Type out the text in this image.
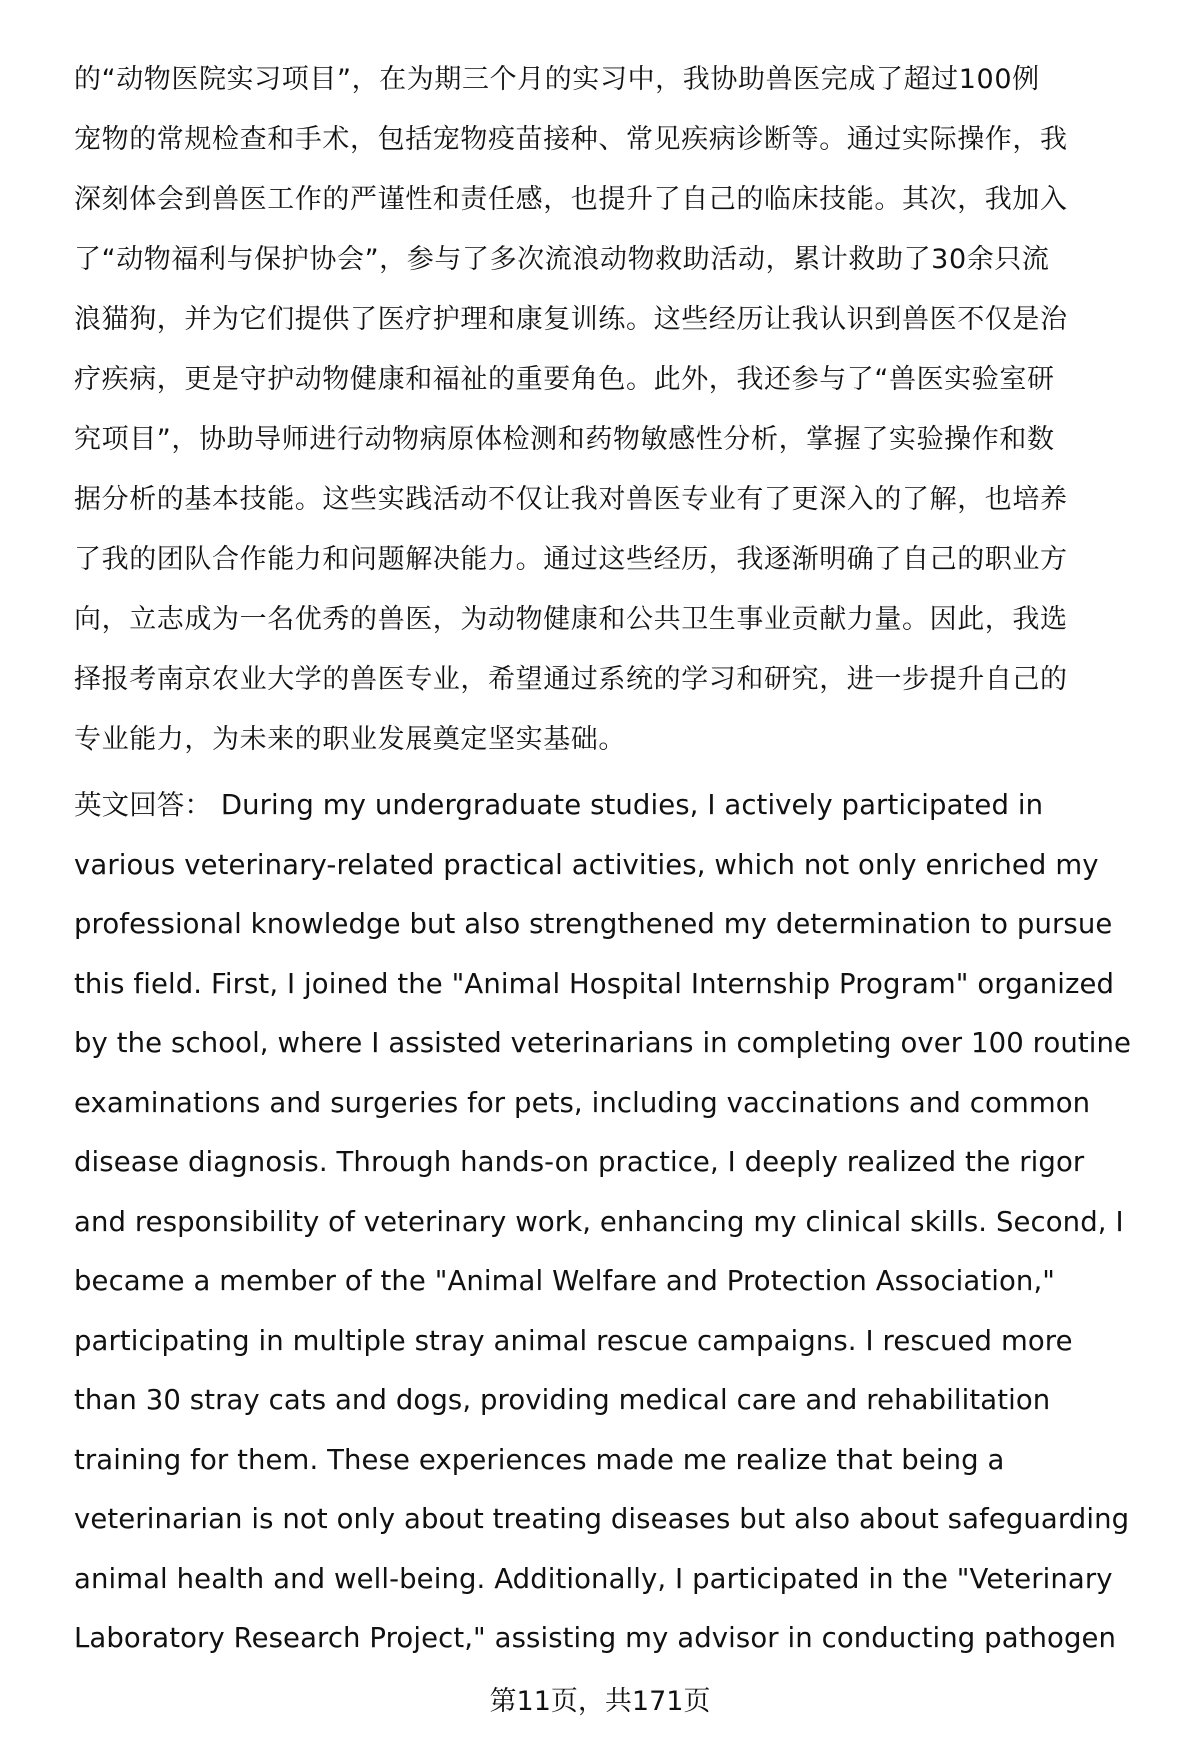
的“动物医院实习项目”，在为期三个月的实习中，我协助兽医完成了超过100例
宠物的常规检查和手术，包括宠物疫苗接种、常见疾病诊断等。通过实际操作，我
深刻体会到兽医工作的严谨性和责任感，也提升了自己的临床技能。其次，我加入
了“动物福利与保护协会”，参与了多次流浪动物救助活动，累计救助了30余只流
浪猫狗，并为它们提供了医疗护理和康复训练。这些经历让我认识到兽医不仅是治
疗疾病，更是守护动物健康和福祉的重要角色。此外，我还参与了“兽医实验室研
究项目”，协助导师进行动物病原体检测和药物敏感性分析，掌握了实验操作和数
据分析的基本技能。这些实践活动不仅让我对兽医专业有了更深入的了解，也培养
了我的团队合作能力和问题解决能力。通过这些经历，我逐渐明确了自己的职业方
向，立志成为一名优秀的兽医，为动物健康和公共卫生事业贡献力量。因此，我选
择报考南京农业大学的兽医专业，希望通过系统的学习和研究，进一步提升自己的
专业能力，为未来的职业发展奠定坚实基础。

英文回答： During my undergraduate studies, I actively participated in
various veterinary-related practical activities, which not only enriched my
professional knowledge but also strengthened my determination to pursue
this field. First, I joined the "Animal Hospital Internship Program" organized
by the school, where I assisted veterinarians in completing over 100 routine
examinations and surgeries for pets, including vaccinations and common
disease diagnosis. Through hands-on practice, I deeply realized the rigor
and responsibility of veterinary work, enhancing my clinical skills. Second, I
became a member of the "Animal Welfare and Protection Association,"
participating in multiple stray animal rescue campaigns. I rescued more
than 30 stray cats and dogs, providing medical care and rehabilitation
training for them. These experiences made me realize that being a
veterinarian is not only about treating diseases but also about safeguarding
animal health and well-being. Additionally, I participated in the "Veterinary
Laboratory Research Project," assisting my advisor in conducting pathogen

第11页，共171页
